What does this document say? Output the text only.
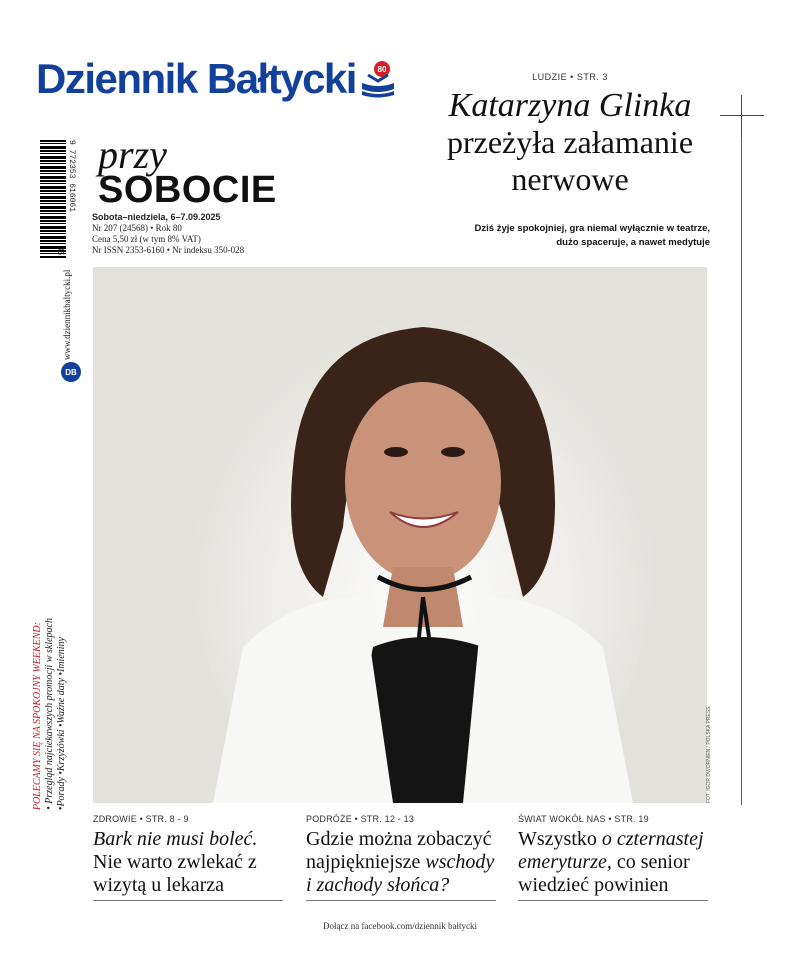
Dziennik Bałtycki	80
przy
SOBOCIE
Sobota–niedziela, 6–7.09.2025
Nr 207 (24568) • Rok 80
Cena 5,50 zł (w tym 8% VAT)
Nr ISSN 2353-6160 • Nr indeksu 350-028
9 772353 616061
36
www.dziennikbaltycki.pl
DB
POLECAMY SIĘ NA SPOKOJNY WEEKEND: • Przegląd najciekawszych promocji w sklepach •Porady •Krzyżówki •Ważne daty •Imieniny
LUDZIE • STR. 3
Katarzyna Glinka
przeżyła załamanie
nerwowe
Dziś żyje spokojniej, gra niemal wyłącznie w teatrze,
dużo spaceruje, a nawet medytuje
FOT. IGOR DWORNIEN / POLSKA PRESS
ZDROWIE • STR. 8 - 9
Bark nie musi boleć. Nie warto zwlekać z wizytą u lekarza
PODRÓŻE • STR. 12 - 13
Gdzie można zobaczyć najpiękniejsze wschody i zachody słońca?
ŚWIAT WOKÓŁ NAS • STR. 19
Wszystko o czternastej emeryturze, co senior wiedzieć powinien
Dołącz na facebook.com/dziennik bałtycki
